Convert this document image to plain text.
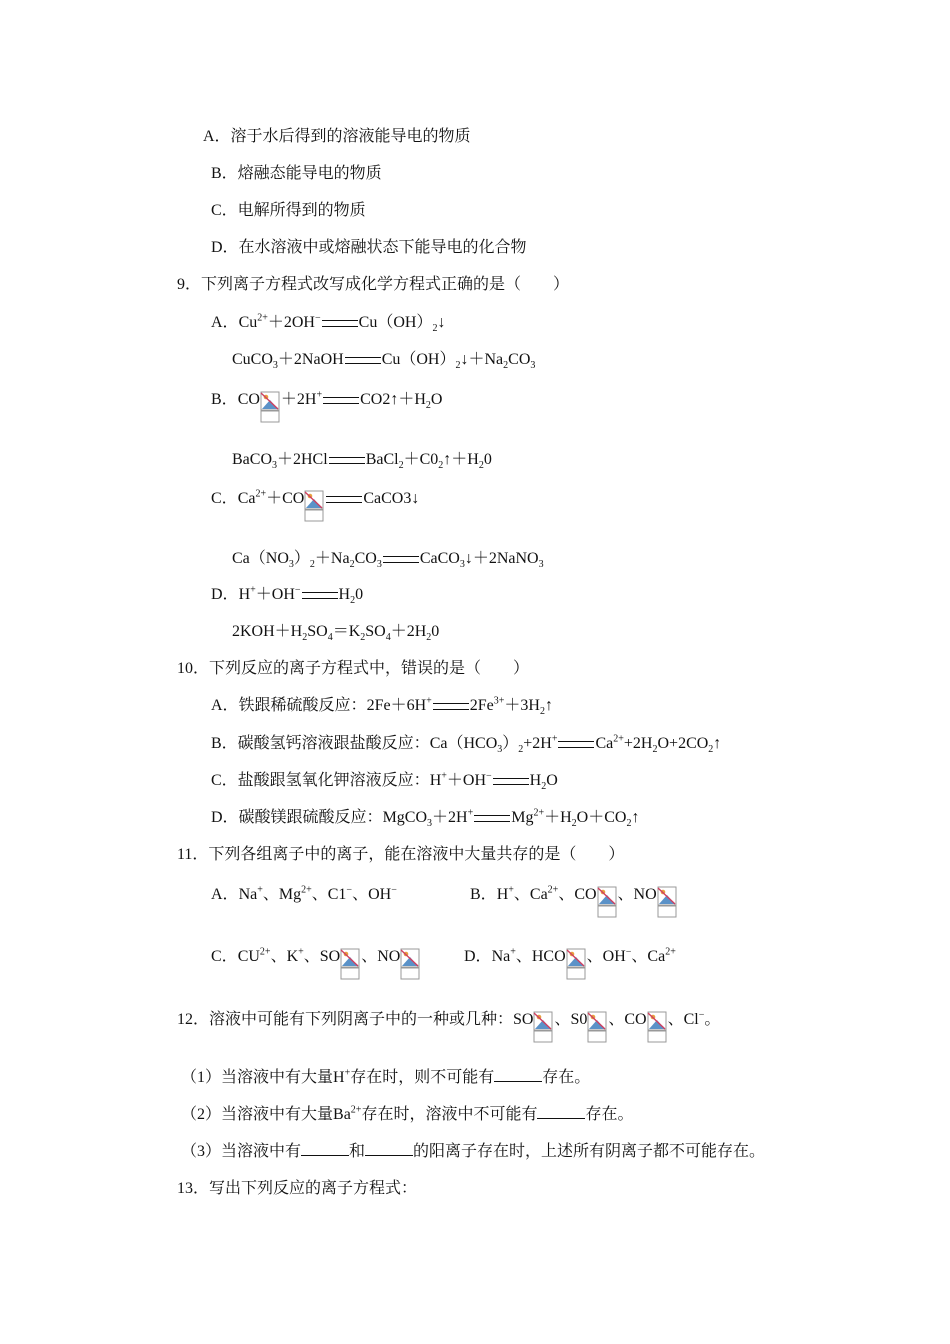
A．溶于水后得到的溶液能导电的物质
B．熔融态能导电的物质
C．电解所得到的物质
D．在水溶液中或熔融状态下能导电的化合物
9．下列离子方程式改写成化学方程式正确的是（　　）
A．$Cu^{2+}+2OH^-$ $Cu(OH)_2↓$
CuCO$_3$＋2NaOH $Cu(OH)_2↓+Na_2CO_3$
B．CO ＋2H+ $CO2↑+H_2O$
BaCO$_3$＋2HCl $BaCl_2+C0_2↑+H_20$
C．$Ca^{2+}+CO$	CaCO3↓
$Ca(NO_3)_2+Na_2CO_3$ CaCO$_3$↓＋2NaNO$_3$
D．H+＋OH− $H_20$
$2KOH+H_2SO_4=K_2SO_4+2H_20$
10．下列反应的离子方程式中，错误的是（　　）
A．铁跟稀硫酸反应：2Fe＋6H+ $2Fe^{3+}+3H_2↑$
B．碳酸氢钙溶液跟盐酸反应：$Ca(HCO_3)_2+2H^+$ $Ca^{2+}+2H_2O+2CO_2↑$
C．盐酸跟氢氧化钾溶液反应：H+＋OH− $H_2O$
D．碳酸镁跟硫酸反应：MgCO$_3$＋2H+ $Mg^{2+}+H_2O+CO_2↑$
11．下列各组离子中的离子，能在溶液中大量共存的是（　　）
A．Na+、$Mg^{2+}$、C1−、OH−	B．H+、$Ca^{2+}$、CO 、NO
C．$CU^{2+}$、K+、SO 、NO	D．Na+、HCO 、OH−、$Ca^{2+}$
12．溶液中可能有下列阴离子中的一种或几种：SO 、S0 、CO 、Cl−。
（1）当溶液中有大量H+存在时，则不可能有	存在。
（2）当溶液中有大量$Ba^{2+}$存在时，溶液中不可能有	存在。
（3）当溶液中有	和	的阳离子存在时，上述所有阴离子都不可能存在。
13．写出下列反应的离子方程式：
